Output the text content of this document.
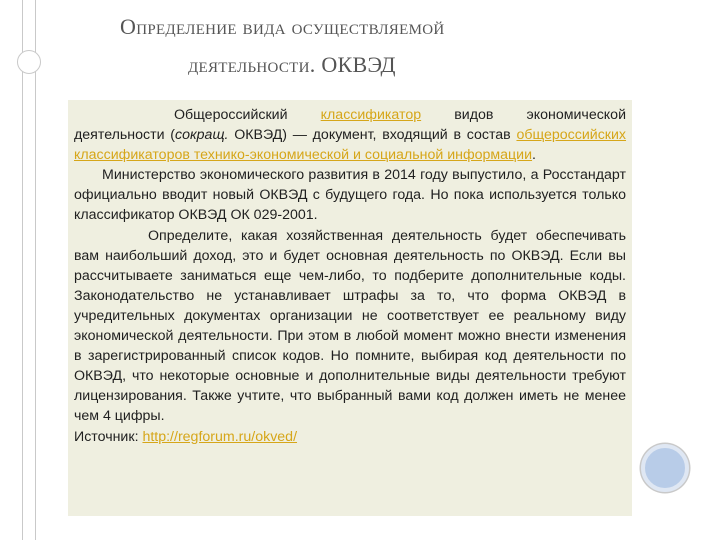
Определение вида осуществляемой
деятельности. ОКВЭД

Общероссийский классификатор видов экономической деятельности (сокращ. ОКВЭД) — документ, входящий в состав общероссийских классификаторов технико-экономической и социальной информации.

Министерство экономического развития в 2014 году выпустило, а Росстандарт официально вводит новый ОКВЭД с будущего года. Но пока используется только классификатор ОКВЭД ОК 029-2001.

Определите, какая хозяйственная деятельность будет обеспечивать вам наибольший доход, это и будет основная деятельность по ОКВЭД. Если вы рассчитываете заниматься еще чем-либо, то подберите дополнительные коды. Законодательство не устанавливает штрафы за то, что форма ОКВЭД в учредительных документах организации не соответствует ее реальному виду экономической деятельности. При этом в любой момент можно внести изменения в зарегистрированный список кодов. Но помните, выбирая код деятельности по ОКВЭД, что некоторые основные и дополнительные виды деятельности требуют лицензирования. Также учтите, что выбранный вами код должен иметь не менее чем 4 цифры.

Источник: http://regforum.ru/okved/
